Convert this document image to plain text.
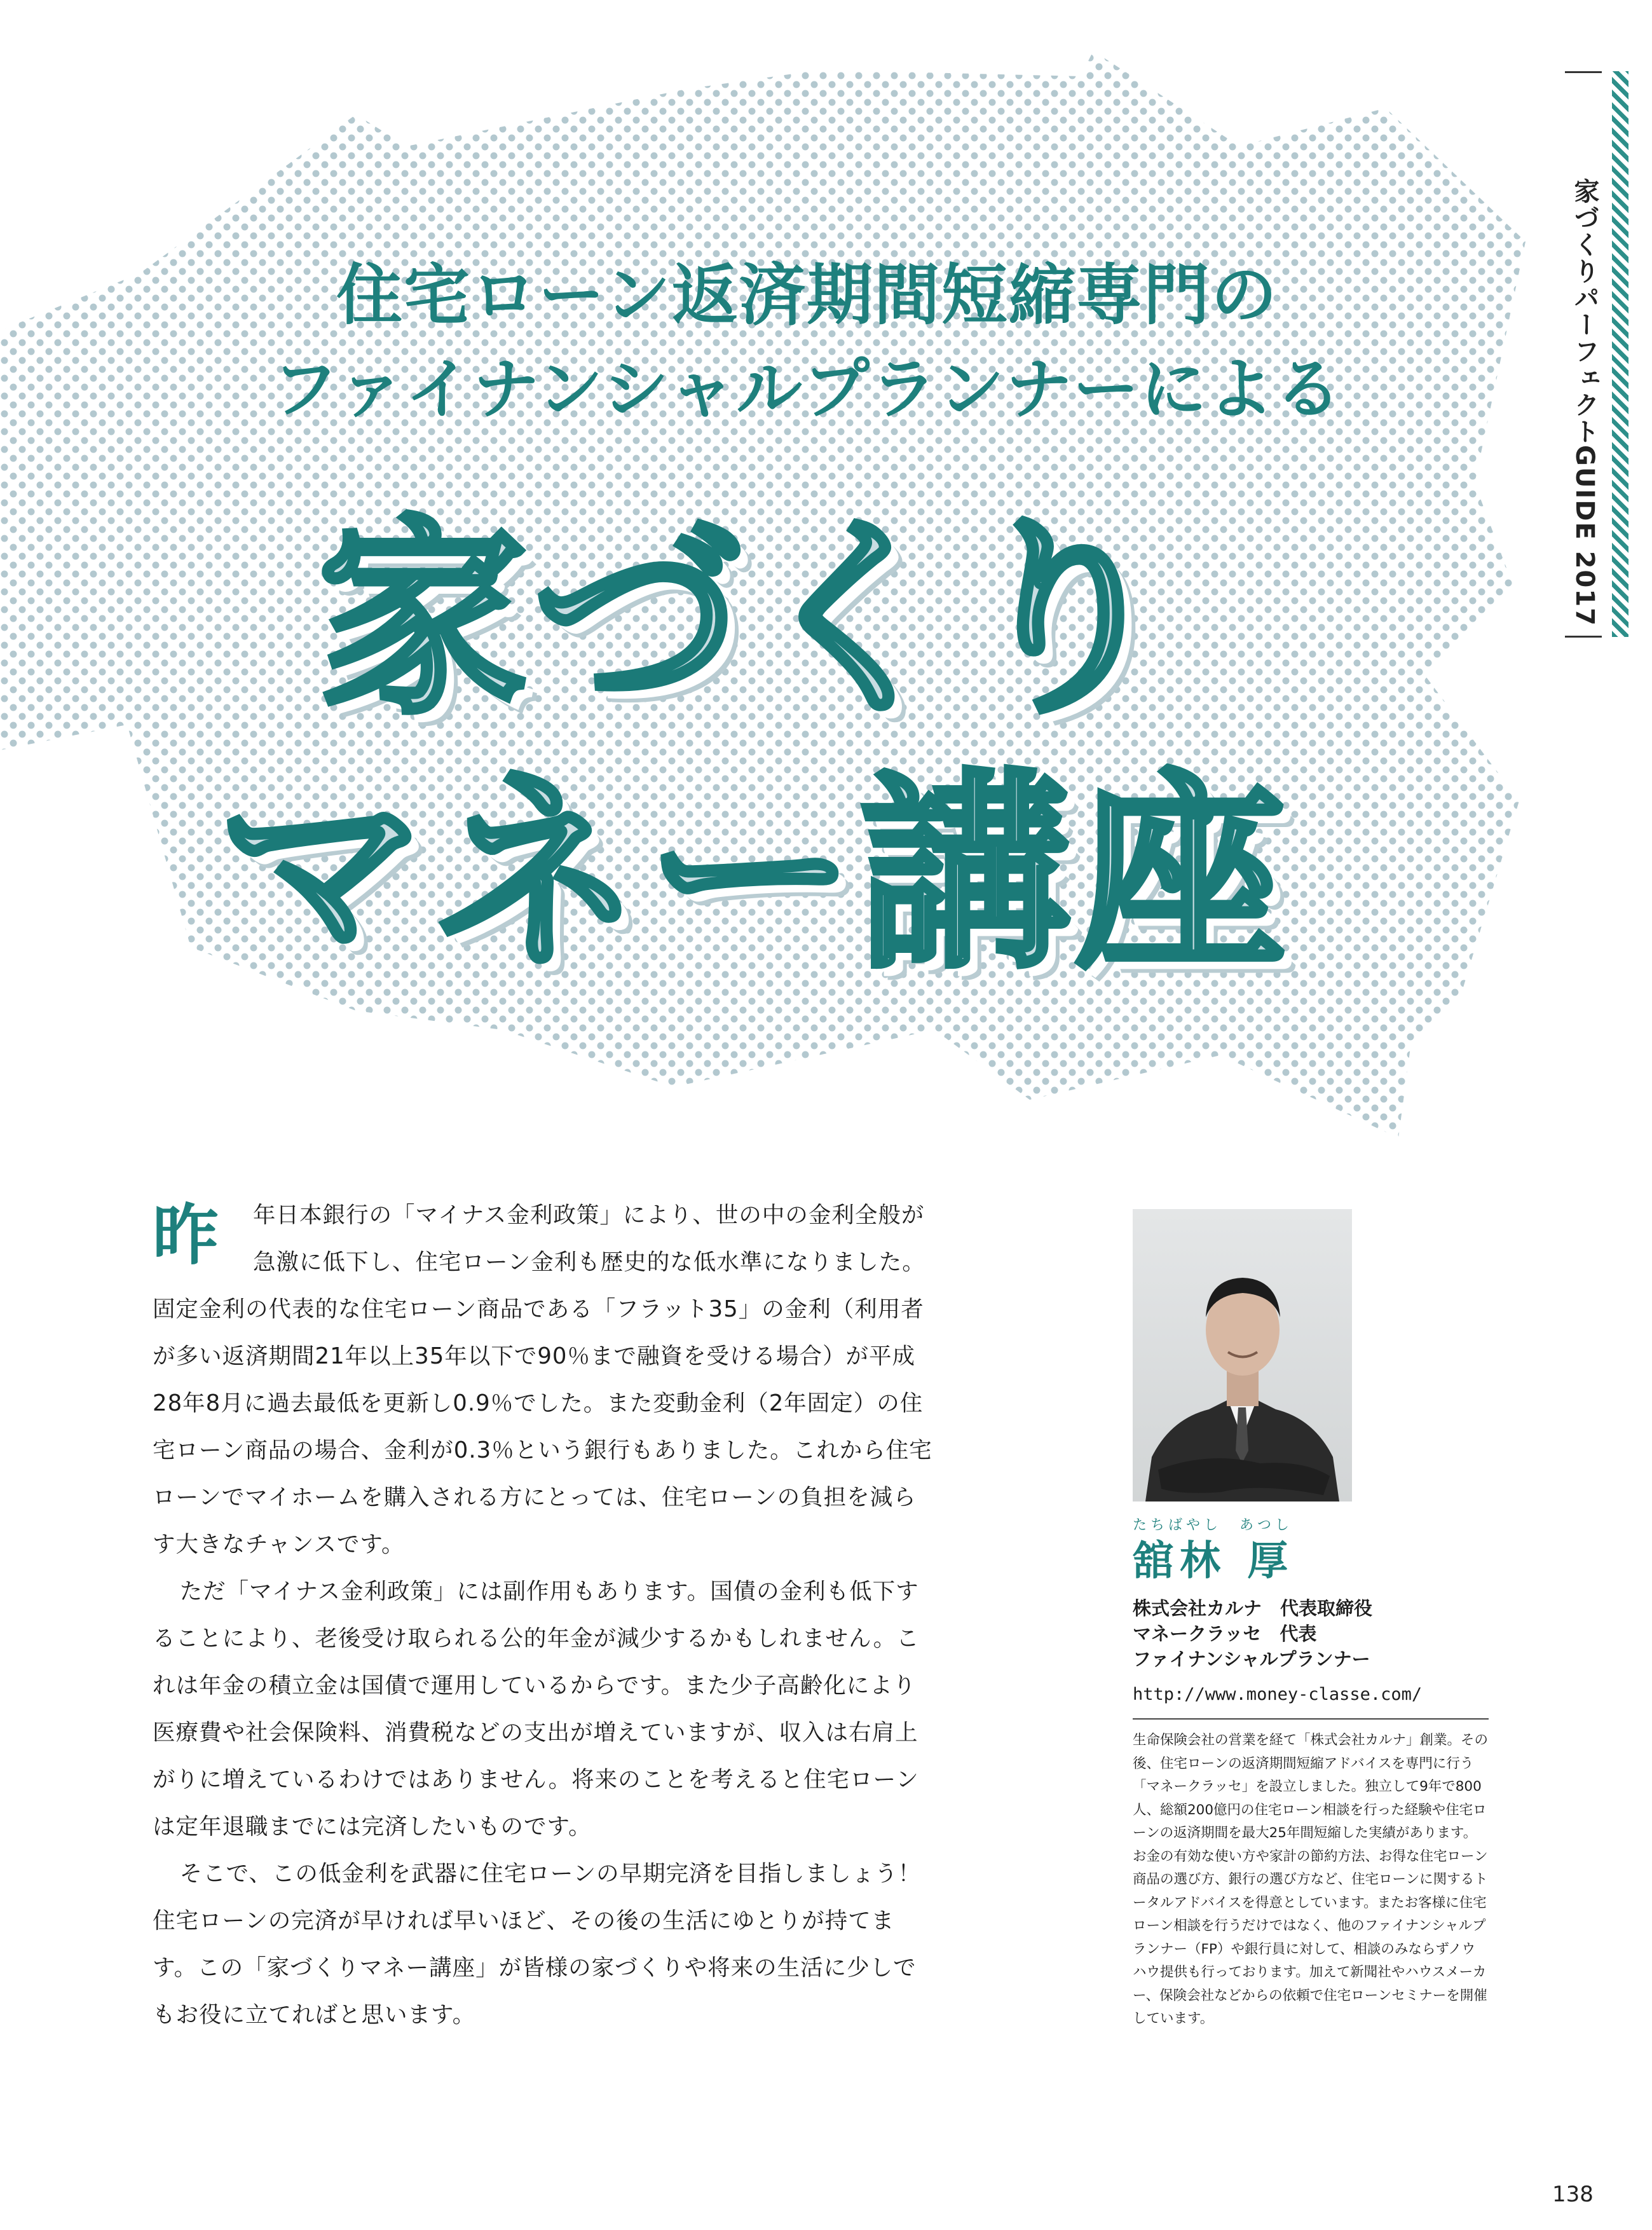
家づくりパーフェクトGUIDE 2017
住宅ローン返済期間短縮専門の
ファイナンシャルプランナーによる
家づくり
マネー講座
昨	年日本銀行の「マイナス金利政策」により、世の中の金利全般が
急激に低下し、住宅ローン金利も歴史的な低水準になりました。

固定金利の代表的な住宅ローン商品である「フラット35」の金利（利用者が多い返済期間21年以上35年以下で90％まで融資を受ける場合）が平成28年8月に過去最低を更新し0.9％でした。また変動金利（2年固定）の住宅ローン商品の場合、金利が0.3％という銀行もありました。これから住宅ローンでマイホームを購入される方にとっては、住宅ローンの負担を減らす大きなチャンスです。

ただ「マイナス金利政策」には副作用もあります。国債の金利も低下することにより、老後受け取られる公的年金が減少するかもしれません。これは年金の積立金は国債で運用しているからです。また少子高齢化により医療費や社会保険料、消費税などの支出が増えていますが、収入は右肩上がりに増えているわけではありません。将来のことを考えると住宅ローンは定年退職までには完済したいものです。

そこで、この低金利を武器に住宅ローンの早期完済を目指しましょう！住宅ローンの完済が早ければ早いほど、その後の生活にゆとりが持てます。この「家づくりマネー講座」が皆様の家づくりや将来の生活に少しでもお役に立てればと思います。

たちばやし　あつし
舘林 厚
株式会社カルナ　代表取締役
マネークラッセ　代表
ファイナンシャルプランナー
http://www.money-classe.com/
生命保険会社の営業を経て「株式会社カルナ」創業。その後、住宅ローンの返済期間短縮アドバイスを専門に行う「マネークラッセ」を設立しました。独立して9年で800人、総額200億円の住宅ローン相談を行った経験や住宅ローンの返済期間を最大25年間短縮した実績があります。お金の有効な使い方や家計の節約方法、お得な住宅ローン商品の選び方、銀行の選び方など、住宅ローンに関するトータルアドバイスを得意としています。またお客様に住宅ローン相談を行うだけではなく、他のファイナンシャルプランナー（FP）や銀行員に対して、相談のみならずノウハウ提供も行っております。加えて新聞社やハウスメーカー、保険会社などからの依頼で住宅ローンセミナーを開催しています。
138
